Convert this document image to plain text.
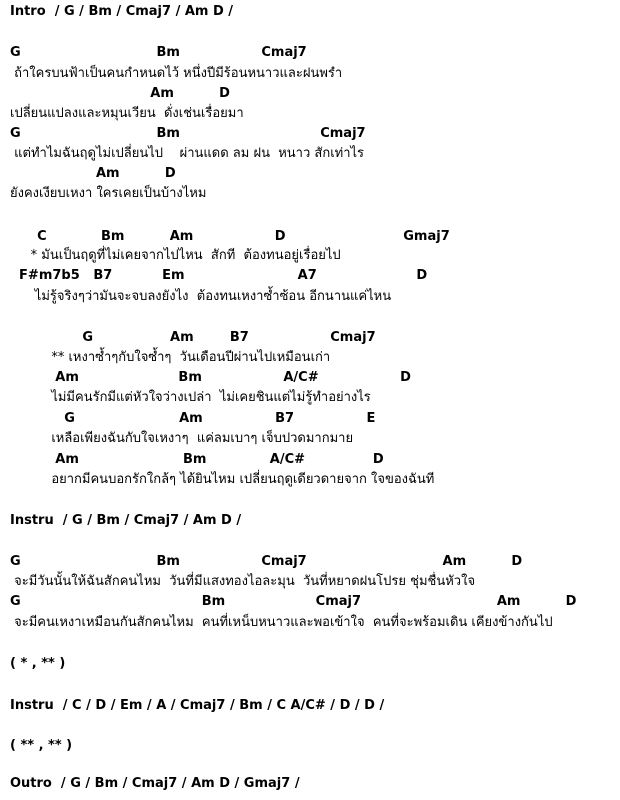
Intro  / G / Bm / Cmaj7 / Am D /
G                              Bm                  Cmaj7
ถ้าใครบนฟ้าเป็นคนกำหนดไว้ หนึ่งปีมีร้อนหนาวและฝนพรำ
Am          D
เปลี่ยนแปลงและหมุนเวียน  ดั่งเช่นเรื่อยมา
G                              Bm                               Cmaj7
แต่ทำไมฉันฤดูไม่เปลี่ยนไป    ผ่านแดด ลม ฝน  หนาว สักเท่าไร
Am          D
ยังคงเงียบเหงา ใครเคยเป็นบ้างไหม
C            Bm          Am                  D                          Gmaj7
* มันเป็นฤดูที่ไม่เคยจากไปไหน  สักที  ต้องทนอยู่เรื่อยไป
F#m7b5   B7           Em                         A7                      D
ไม่รู้จริงๆว่ามันจะจบลงยังไง  ต้องทนเหงาซ้ำซ้อน อีกนานแค่ไหน
G                 Am        B7                  Cmaj7
** เหงาซ้ำๆกับใจซ้ำๆ  วันเดือนปีผ่านไปเหมือนเก่า
Am                      Bm                  A/C#                  D
ไม่มีคนรักมีแต่หัวใจว่างเปล่า  ไม่เคยชินแต่ไม่รู้ทำอย่างไร
G                       Am                B7                E
เหลือเพียงฉันกับใจเหงาๆ  แค่ลมเบาๆ เจ็บปวดมากมาย
Am                       Bm              A/C#               D
อยากมีคนบอกรักใกล้ๆ ได้ยินไหม เปลี่ยนฤดูเดียวดายจาก ใจของฉันที
Instru  / G / Bm / Cmaj7 / Am D /
G                              Bm                  Cmaj7                              Am          D
จะมีวันนั้นให้ฉันสักคนไหม  วันที่มีแสงทองไอละมุน  วันที่หยาดฝนโปรย ชุ่มชื่นหัวใจ
G                                        Bm                    Cmaj7                              Am          D
จะมีคนเหงาเหมือนกันสักคนไหม  คนที่เหน็บหนาวและพอเข้าใจ  คนที่จะพร้อมเดิน เคียงข้างกันไป
( * , ** )
Instru  / C / D / Em / A / Cmaj7 / Bm / C A/C# / D / D /
( ** , ** )
Outro  / G / Bm / Cmaj7 / Am D / Gmaj7 /
